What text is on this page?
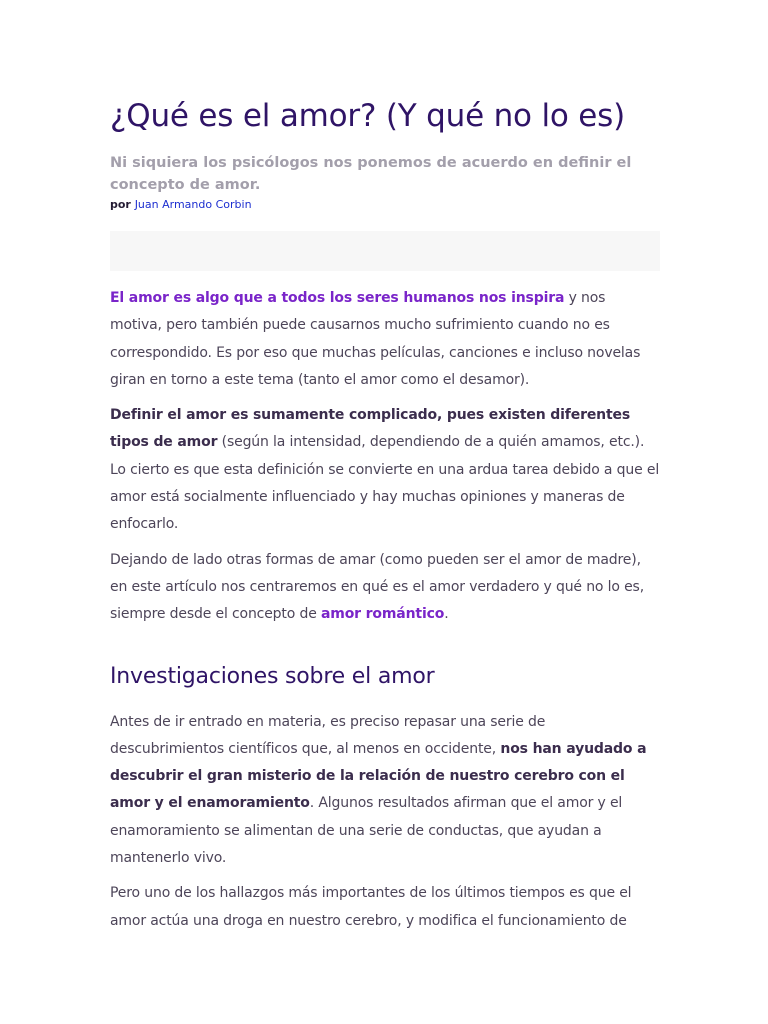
¿Qué es el amor? (Y qué no lo es)

Ni siquiera los psicólogos nos ponemos de acuerdo en definir el concepto de amor.

por Juan Armando Corbin

El amor es algo que a todos los seres humanos nos inspira y nos motiva, pero también puede causarnos mucho sufrimiento cuando no es correspondido. Es por eso que muchas películas, canciones e incluso novelas giran en torno a este tema (tanto el amor como el desamor).

Definir el amor es sumamente complicado, pues existen diferentes tipos de amor (según la intensidad, dependiendo de a quién amamos, etc.). Lo cierto es que esta definición se convierte en una ardua tarea debido a que el amor está socialmente influenciado y hay muchas opiniones y maneras de enfocarlo.

Dejando de lado otras formas de amar (como pueden ser el amor de madre), en este artículo nos centraremos en qué es el amor verdadero y qué no lo es, siempre desde el concepto de amor romántico.

Investigaciones sobre el amor

Antes de ir entrado en materia, es preciso repasar una serie de descubrimientos científicos que, al menos en occidente, nos han ayudado a descubrir el gran misterio de la relación de nuestro cerebro con el amor y el enamoramiento. Algunos resultados afirman que el amor y el enamoramiento se alimentan de una serie de conductas, que ayudan a mantenerlo vivo.

Pero uno de los hallazgos más importantes de los últimos tiempos es que el amor actúa una droga en nuestro cerebro, y modifica el funcionamiento de
